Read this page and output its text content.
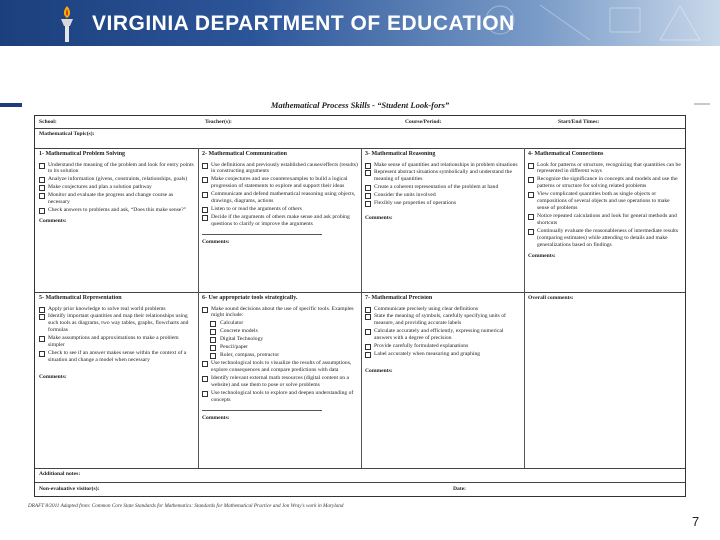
VIRGINIA DEPARTMENT OF EDUCATION
Mathematical Process Skills - “Student Look-fors”
School:	Teacher(s):	Course/Period:	Start/End Times:
Mathematical Topic(s):
1- Mathematical Problem Solving
Understand the meaning of the problem and look for entry points to its solution
Analyze information (givens, constraints, relationships, goals)
Make conjectures and plan a solution pathway
Monitor and evaluate the progress and change course as necessary
Check answers to problems and ask, “Does this make sense?”
Comments:
2- Mathematical Communication
Use definitions and previously established causes/effects (results) in constructing arguments
Make conjectures and use counterexamples to build a logical progression of statements to explore and support their ideas
Communicate and defend mathematical reasoning using objects, drawings, diagrams, actions
Listen to or read the arguments of others
Decide if the arguments of others make sense and ask probing questions to clarify or improve the arguments
Comments:
3- Mathematical Reasoning
Make sense of quantities and relationships in problem situations
Represent abstract situations symbolically and understand the meaning of quantities
Create a coherent representation of the problem at hand
Consider the units involved
Flexibly use properties of operations
Comments:
4- Mathematical Connections
Look for patterns or structure, recognizing that quantities can be represented in different ways
Recognize the significance in concepts and models and use the patterns or structure for solving related problems
View complicated quantities both as single objects or compositions of several objects and use operations to make sense of problems
Notice repeated calculations and look for general methods and shortcuts
Continually evaluate the reasonableness of intermediate results (comparing estimates) while attending to details and make generalizations based on findings
Comments:
5- Mathematical Representation
Apply prior knowledge to solve real world problems
Identify important quantities and map their relationships using such tools as diagrams, two way tables, graphs, flowcharts and formulas
Make assumptions and approximations to make a problem simpler
Check to see if an answer makes sense within the context of a situation and change a model when necessary
Comments:
6- Use appropriate tools strategically.
Make sound decisions about the use of specific tools. Examples might include:
Calculator
Concrete models
Digital Technology
Pencil/paper
Ruler, compass, protractor
Use technological tools to visualize the results of assumptions, explore consequences and compare predictions with data
Identify relevant external math resources (digital content on a website) and use them to pose or solve problems
Use technological tools to explore and deepen understanding of concepts
Comments:
7- Mathematical Precision
Communicate precisely using clear definitions
State the meaning of symbols, carefully specifying units of measure, and providing accurate labels
Calculate accurately and efficiently, expressing numerical answers with a degree of precision
Provide carefully formulated explanations
Label accurately when measuring and graphing
Comments:
Overall comments:
Additional notes:
Non-evaluative visitor(s):	Date:
DRAFT 8/2011 Adapted from: Common Core State Standards for Mathematics: Standards for Mathematical Practice and Jon Wray's work in Maryland
7
